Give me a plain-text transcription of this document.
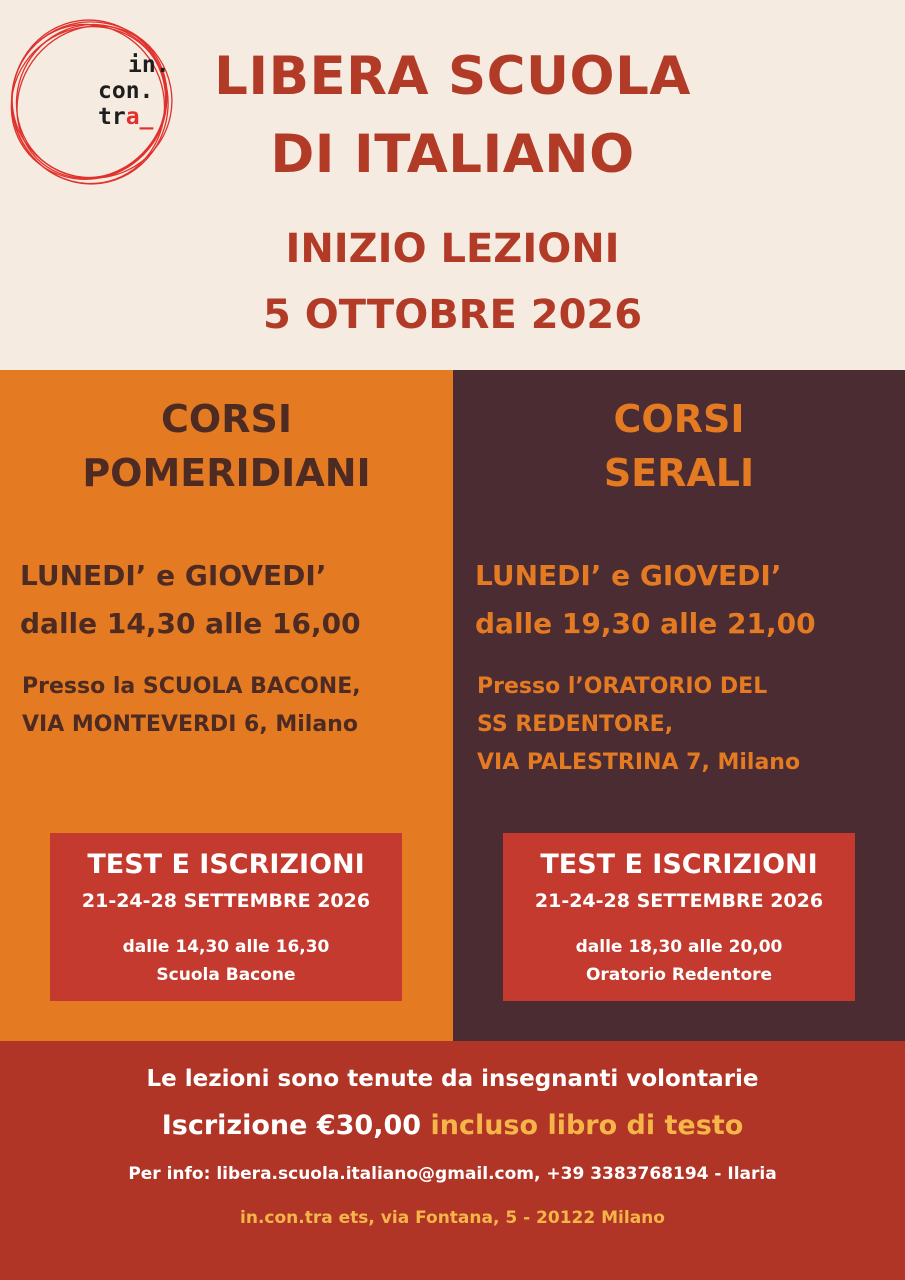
in.
con.
tra_
LIBERA SCUOLA
DI ITALIANO
INIZIO LEZIONI
5 OTTOBRE 2026
CORSI
POMERIDIANI
LUNEDI’ e GIOVEDI’
dalle 14,30 alle 16,00
Presso la SCUOLA BACONE,
VIA MONTEVERDI 6, Milano
TEST E ISCRIZIONI
21-24-28 SETTEMBRE 2026
dalle 14,30 alle 16,30
Scuola Bacone
CORSI
SERALI
LUNEDI’ e GIOVEDI’
dalle 19,30 alle 21,00
Presso l’ORATORIO DEL
SS REDENTORE,
VIA PALESTRINA 7, Milano
TEST E ISCRIZIONI
21-24-28 SETTEMBRE 2026
dalle 18,30 alle 20,00
Oratorio Redentore
Le lezioni sono tenute da insegnanti volontarie
Iscrizione €30,00 incluso libro di testo
Per info: libera.scuola.italiano@gmail.com, +39 3383768194 - Ilaria
in.con.tra ets, via Fontana, 5 - 20122 Milano
